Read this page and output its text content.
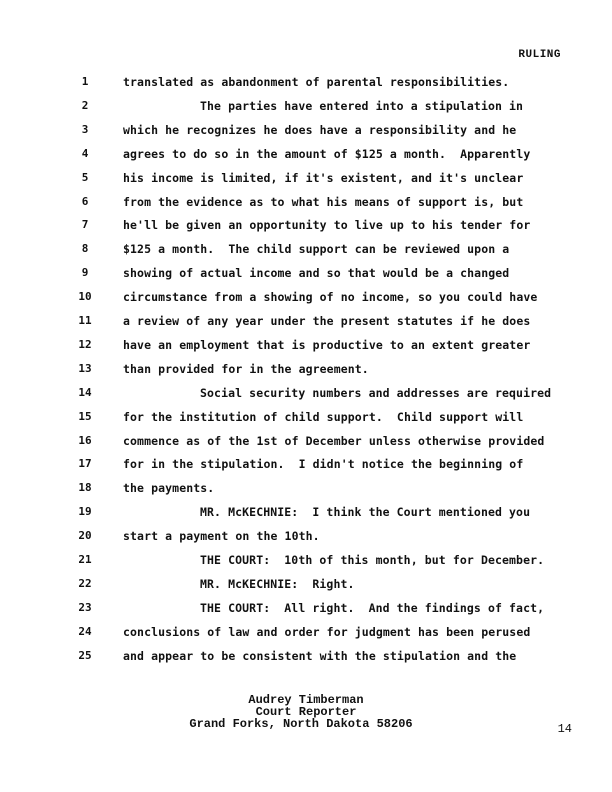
RULING
1	translated as abandonment of parental responsibilities.
2	The parties have entered into a stipulation in
3	which he recognizes he does have a responsibility and he
4	agrees to do so in the amount of $125 a month.  Apparently
5	his income is limited, if it's existent, and it's unclear
6	from the evidence as to what his means of support is, but
7	he'll be given an opportunity to live up to his tender for
8	$125 a month.  The child support can be reviewed upon a
9	showing of actual income and so that would be a changed
10	circumstance from a showing of no income, so you could have
11	a review of any year under the present statutes if he does
12	have an employment that is productive to an extent greater
13	than provided for in the agreement.
14	Social security numbers and addresses are required
15	for the institution of child support.  Child support will
16	commence as of the 1st of December unless otherwise provided
17	for in the stipulation.  I didn't notice the beginning of
18	the payments.
19	MR. McKECHNIE:  I think the Court mentioned you
20	start a payment on the 10th.
21	THE COURT:  10th of this month, but for December.
22	MR. McKECHNIE:  Right.
23	THE COURT:  All right.  And the findings of fact,
24	conclusions of law and order for judgment has been perused
25	and appear to be consistent with the stipulation and the
Audrey Timberman
Court Reporter
Grand Forks, North Dakota 58206	14
